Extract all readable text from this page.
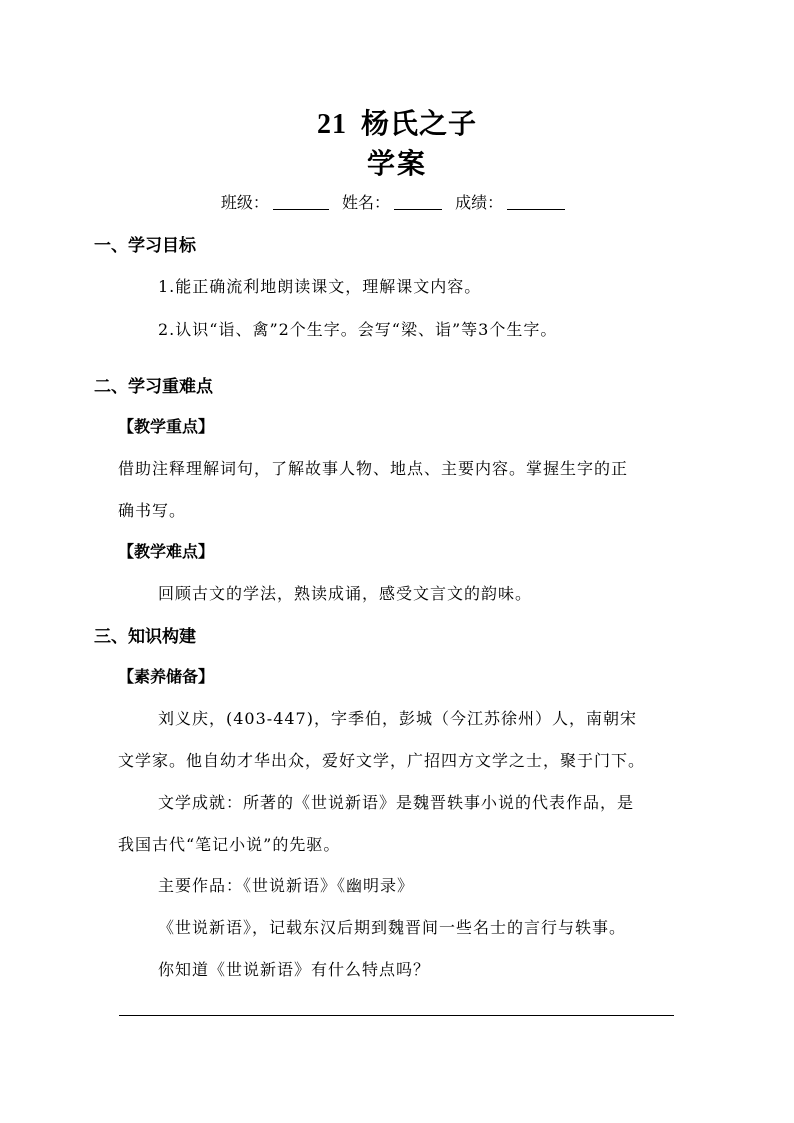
21 杨氏之子
学案
班级：	姓名：	成绩：
一、学习目标
1.能正确流利地朗读课文，理解课文内容。
2.认识“诣、禽”2个生字。会写“梁、诣”等3个生字。
二、学习重难点
【教学重点】
借助注释理解词句，了解故事人物、地点、主要内容。掌握生字的正
确书写。
【教学难点】
回顾古文的学法，熟读成诵，感受文言文的韵味。
三、知识构建
【素养储备】
刘义庆，(403-447)，字季伯，彭城（今江苏徐州）人，南朝宋
文学家。他自幼才华出众，爱好文学，广招四方文学之士，聚于门下。
文学成就：所著的《世说新语》是魏晋轶事小说的代表作品，是
我国古代“笔记小说”的先驱。
主要作品：《世说新语》《幽明录》
《世说新语》，记载东汉后期到魏晋间一些名士的言行与轶事。
你知道《世说新语》有什么特点吗？
